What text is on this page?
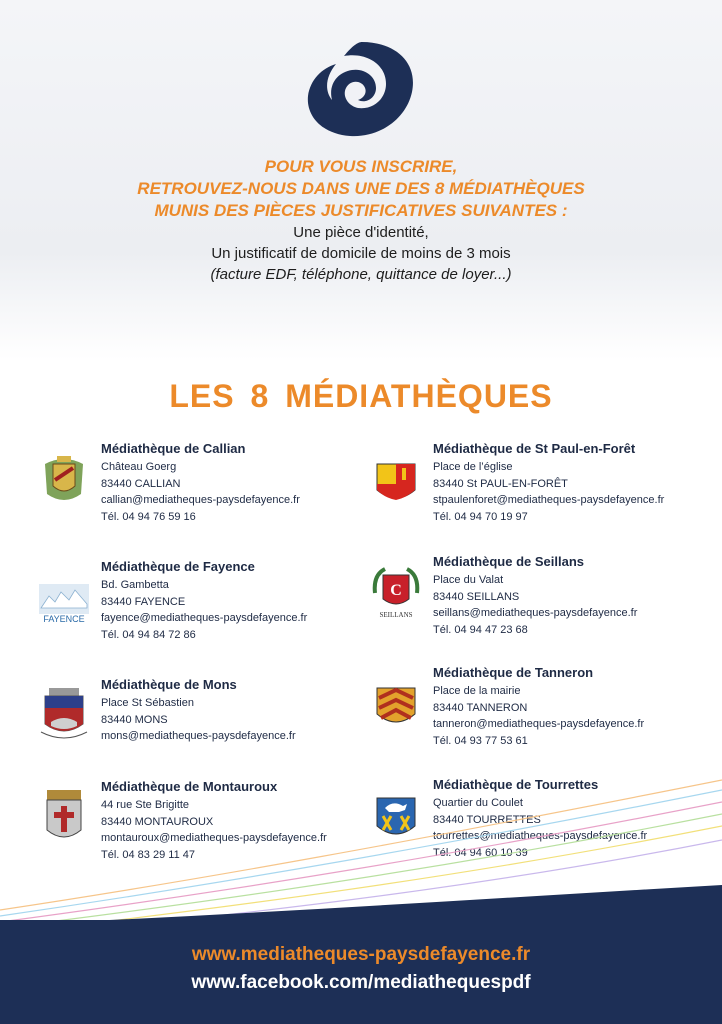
POUR VOUS INSCRIRE,
RETROUVEZ-NOUS DANS UNE DES 8 MÉDIATHÈQUES
MUNIS DES PIÈCES JUSTIFICATIVES SUIVANTES :
Une pièce d'identité,
Un justificatif de domicile de moins de 3 mois
(facture EDF, téléphone, quittance de loyer...)
LES 8 MÉDIATHÈQUES
Médiathèque de Callian
Château Goerg
83440 CALLIAN
callian@mediatheques-paysdefayence.fr
Tél. 04 94 76 59 16
FAYENCE
Médiathèque de Fayence
Bd. Gambetta
83440 FAYENCE
fayence@mediatheques-paysdefayence.fr
Tél. 04 94 84 72 86
Médiathèque de Mons
Place St Sébastien
83440 MONS
mons@mediatheques-paysdefayence.fr
Médiathèque de Montauroux
44 rue Ste Brigitte
83440 MONTAUROUX
montauroux@mediatheques-paysdefayence.fr
Tél. 04 83 29 11 47
Médiathèque de St Paul-en-Forêt
Place de l’église
83440 St PAUL-EN-FORÊT
stpaulenforet@mediatheques-paysdefayence.fr
Tél. 04 94 70 19 97
C
SEILLANS
Médiathèque de Seillans
Place du Valat
83440 SEILLANS
seillans@mediatheques-paysdefayence.fr
Tél. 04 94 47 23 68
Médiathèque de Tanneron
Place de la mairie
83440 TANNERON
tanneron@mediatheques-paysdefayence.fr
Tél. 04 93 77 53 61
Médiathèque de Tourrettes
Quartier du Coulet
83440 TOURRETTES
tourrettes@mediatheques-paysdefayence.fr
Tél. 04 94 60 10 39
www.mediatheques-paysdefayence.fr
www.facebook.com/mediathequespdf
